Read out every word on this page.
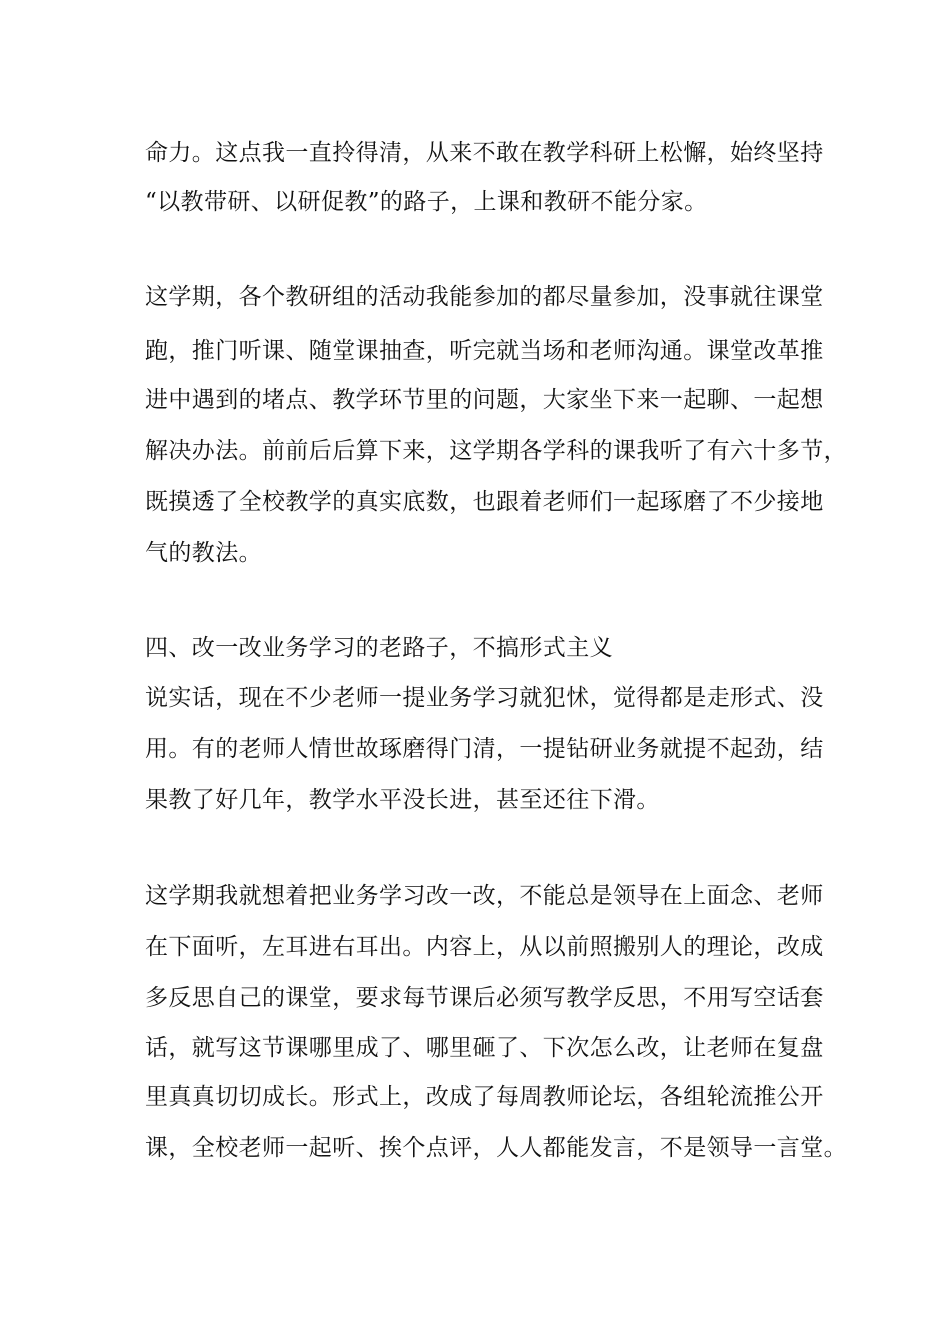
命力。这点我一直拎得清，从来不敢在教学科研上松懈，始终坚持

“以教带研、以研促教”的路子，上课和教研不能分家。

这学期，各个教研组的活动我能参加的都尽量参加，没事就往课堂

跑，推门听课、随堂课抽查，听完就当场和老师沟通。课堂改革推

进中遇到的堵点、教学环节里的问题，大家坐下来一起聊、一起想

解决办法。前前后后算下来，这学期各学科的课我听了有六十多节，

既摸透了全校教学的真实底数，也跟着老师们一起琢磨了不少接地

气的教法。

四、改一改业务学习的老路子，不搞形式主义

说实话，现在不少老师一提业务学习就犯怵，觉得都是走形式、没

用。有的老师人情世故琢磨得门清，一提钻研业务就提不起劲，结

果教了好几年，教学水平没长进，甚至还往下滑。

这学期我就想着把业务学习改一改，不能总是领导在上面念、老师

在下面听，左耳进右耳出。内容上，从以前照搬别人的理论，改成

多反思自己的课堂，要求每节课后必须写教学反思，不用写空话套

话，就写这节课哪里成了、哪里砸了、下次怎么改，让老师在复盘

里真真切切成长。形式上，改成了每周教师论坛，各组轮流推公开

课，全校老师一起听、挨个点评，人人都能发言，不是领导一言堂。
